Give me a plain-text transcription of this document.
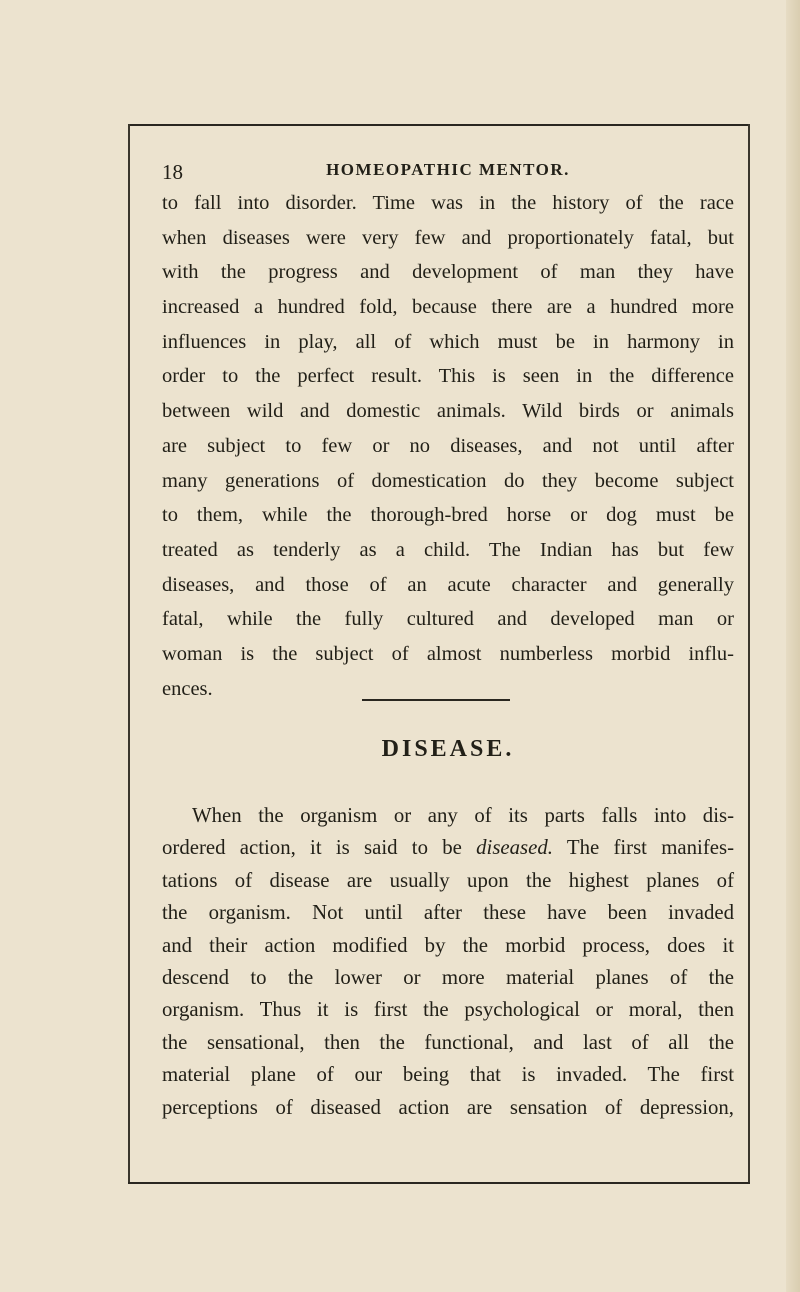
18	HOMEOPATHIC MENTOR.
to fall into disorder. Time was in the history of the race
when diseases were very few and proportionately fatal, but
with the progress and development of man they have
increased a hundred fold, because there are a hundred more
influences in play, all of which must be in harmony in
order to the perfect result. This is seen in the difference
between wild and domestic animals. Wild birds or animals
are subject to few or no diseases, and not until after
many generations of domestication do they become subject
to them, while the thorough-bred horse or dog must be
treated as tenderly as a child. The Indian has but few
diseases, and those of an acute character and generally
fatal, while the fully cultured and developed man or
woman is the subject of almost numberless morbid influ-
ences.
DISEASE.
When the organism or any of its parts falls into dis-
ordered action, it is said to be diseased. The first manifes-
tations of disease are usually upon the highest planes of
the organism. Not until after these have been invaded
and their action modified by the morbid process, does it
descend to the lower or more material planes of the
organism. Thus it is first the psychological or moral, then
the sensational, then the functional, and last of all the
material plane of our being that is invaded. The first
perceptions of diseased action are sensation of depression,
